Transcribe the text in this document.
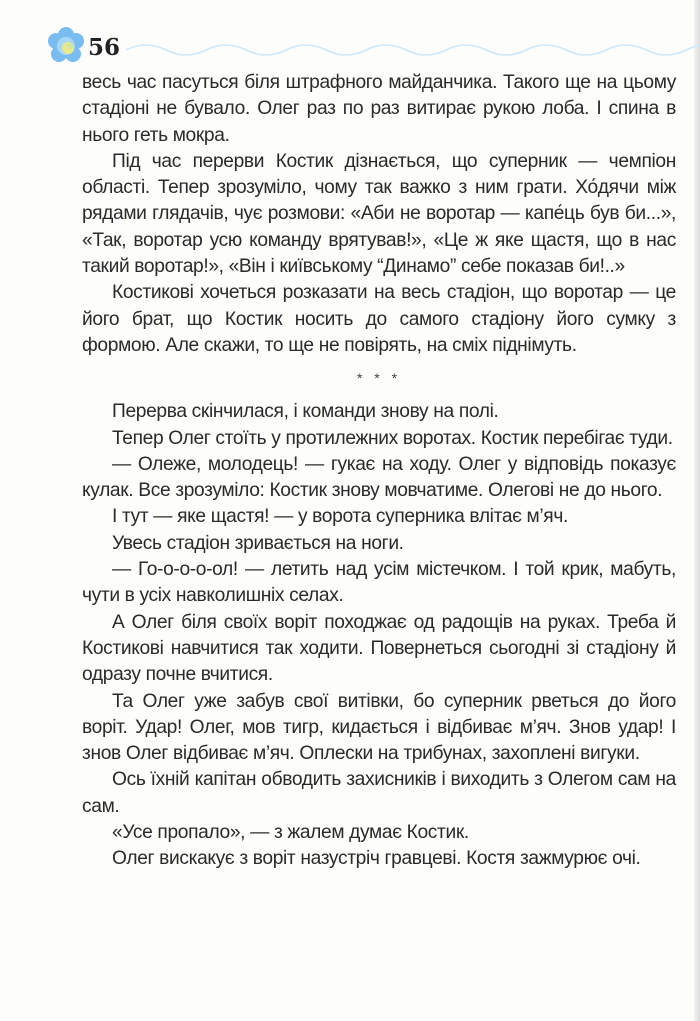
56

весь час пасуться біля штрафного майданчика. Такого ще на цьому стадіоні не бувало. Олег раз по раз витирає рукою лоба. І спина в нього геть мокра.

Під час перерви Костик дізнається, що суперник — чемпіон області. Тепер зрозуміло, чому так важко з ним грати. Хо́дячи між рядами глядачів, чує розмови: «Аби не воротар — капе́ць був би...», «Так, воротар усю команду врятував!», «Це ж яке щастя, що в нас такий воротар!», «Він і київському “Динамо” себе показав би!..»

Костикові хочеться розказати на весь стадіон, що воротар — це його брат, що Костик носить до самого стадіону його сумку з формою. Але скажи, то ще не повірять, на сміх піднімуть.

* * *

Перерва скінчилася, і команди знову на полі.

Тепер Олег стоїть у протилежних воротах. Костик перебігає туди.

— Олеже, молодець! — гукає на ходу. Олег у відповідь показує кулак. Все зрозуміло: Костик знову мовчатиме. Олегові не до нього.

І тут — яке щастя! — у ворота суперника влітає м’яч.

Увесь стадіон зривається на ноги.

— Го-о-о-о-ол! — летить над усім містечком. І той крик, мабуть, чути в усіх навколишніх селах.

А Олег біля своїх воріт походжає од радощів на руках. Треба й Костикові навчитися так ходити. Повернеться сьогодні зі стадіону й одразу почне вчитися.

Та Олег уже забув свої витівки, бо суперник рветься до його воріт. Удар! Олег, мов тигр, кидається і відбиває м’яч. Знов удар! І знов Олег відбиває м’яч. Оплески на трибунах, захоплені вигуки.

Ось їхній капітан обводить захисників і виходить з Олегом сам на сам.

«Усе пропало», — з жалем думає Костик.

Олег вискакує з воріт назустріч гравцеві. Костя зажмурює очі.
